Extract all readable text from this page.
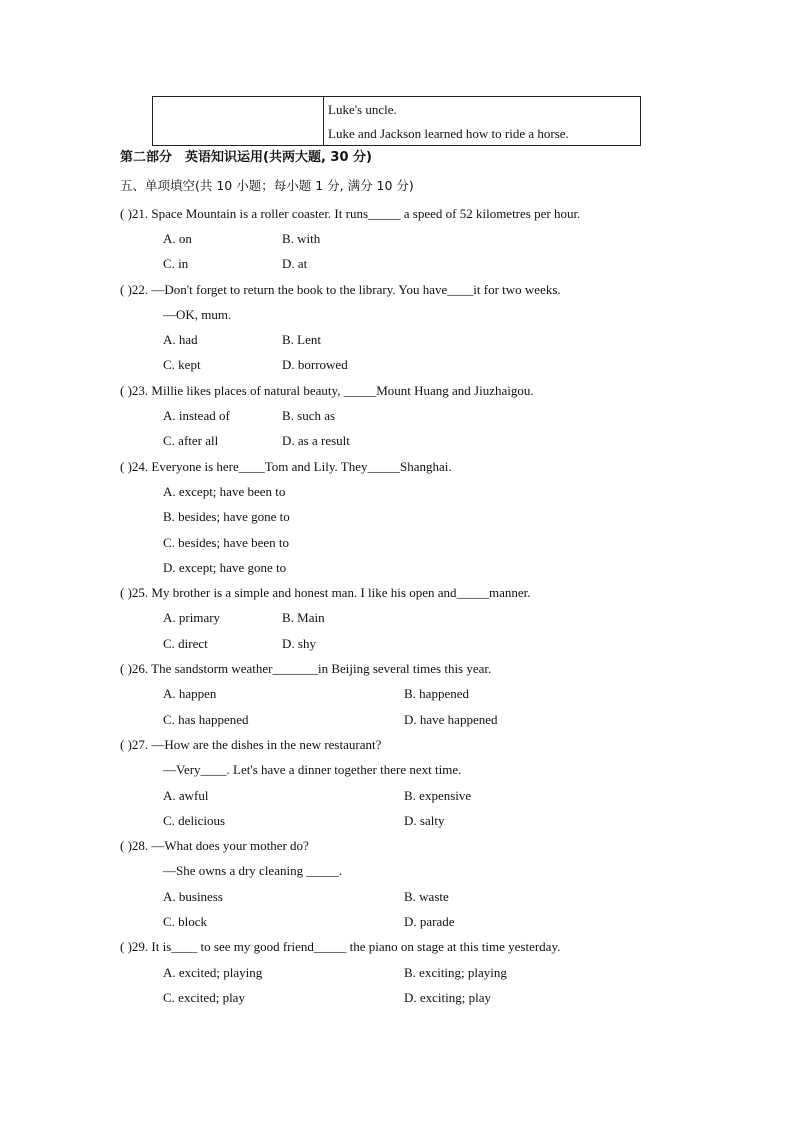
Luke's uncle.
Luke and Jackson learned how to ride a horse.
第二部分　英语知识运用(共两大题, 30 分)
五、单项填空(共 10 小题；每小题 1 分, 满分 10 分)
( )21. Space Mountain is a roller coaster. It runs_____ a speed of 52 kilometres per hour.
A. on	B. with
C. in	D. at
( )22. —Don't forget to return the book to the library. You have____it for two weeks.
—OK, mum.
A. had	B. Lent
C. kept	D. borrowed
( )23. Millie likes places of natural beauty, _____Mount Huang and Jiuzhaigou.
A. instead of	B. such as
C. after all	D. as a result
( )24. Everyone is here____Tom and Lily. They_____Shanghai.
A. except; have been to
B. besides; have gone to
C. besides; have been to
D. except; have gone to
( )25. My brother is a simple and honest man. I like his open and_____manner.
A. primary	B. Main
C. direct	D. shy
( )26. The sandstorm weather_______in Beijing several times this year.
A. happen	B. happened
C. has happened	D. have happened
( )27. —How are the dishes in the new restaurant?
—Very____. Let's have a dinner together there next time.
A. awful	B. expensive
C. delicious	D. salty
( )28. —What does your mother do?
—She owns a dry cleaning _____.
A. business	B. waste
C. block	D. parade
( )29. It is____ to see my good friend_____ the piano on stage at this time yesterday.
A. excited; playing	B. exciting; playing
C. excited; play	D. exciting; play
